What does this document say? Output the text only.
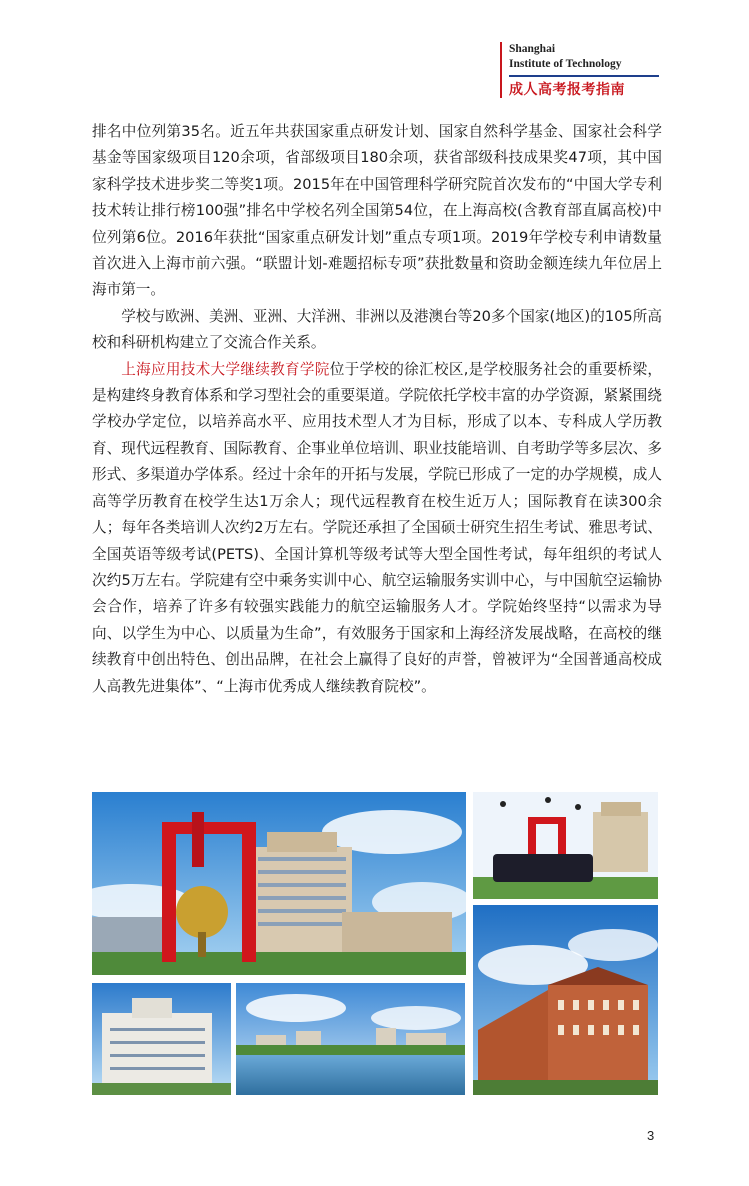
Shanghai
Institute of Technology
成人高考报考指南

排名中位列第35名。近五年共获国家重点研发计划、国家自然科学基金、国家社会科学基金等国家级项目120余项，省部级项目180余项，获省部级科技成果奖47项，其中国家科学技术进步奖二等奖1项。2015年在中国管理科学研究院首次发布的“中国大学专利技术转让排行榜100强”排名中学校名列全国第54位，在上海高校(含教育部直属高校)中位列第6位。2016年获批“国家重点研发计划”重点专项1项。2019年学校专利申请数量首次进入上海市前六强。“联盟计划-难题招标专项”获批数量和资助金额连续九年位居上海市第一。

学校与欧洲、美洲、亚洲、大洋洲、非洲以及港澳台等20多个国家(地区)的105所高校和科研机构建立了交流合作关系。

上海应用技术大学继续教育学院位于学校的徐汇校区,是学校服务社会的重要桥梁，是构建终身教育体系和学习型社会的重要渠道。学院依托学校丰富的办学资源，紧紧围绕学校办学定位，以培养高水平、应用技术型人才为目标，形成了以本、专科成人学历教育、现代远程教育、国际教育、企事业单位培训、职业技能培训、自考助学等多层次、多形式、多渠道办学体系。经过十余年的开拓与发展，学院已形成了一定的办学规模，成人高等学历教育在校学生达1万余人；现代远程教育在校生近万人；国际教育在读300余人；每年各类培训人次约2万左右。学院还承担了全国硕士研究生招生考试、雅思考试、全国英语等级考试(PETS)、全国计算机等级考试等大型全国性考试，每年组织的考试人次约5万左右。学院建有空中乘务实训中心、航空运输服务实训中心，与中国航空运输协会合作，培养了许多有较强实践能力的航空运输服务人才。学院始终坚持“以需求为导向、以学生为中心、以质量为生命”，有效服务于国家和上海经济发展战略，在高校的继续教育中创出特色、创出品牌，在社会上赢得了良好的声誉，曾被评为“全国普通高校成人高教先进集体”、“上海市优秀成人继续教育院校”。

3
